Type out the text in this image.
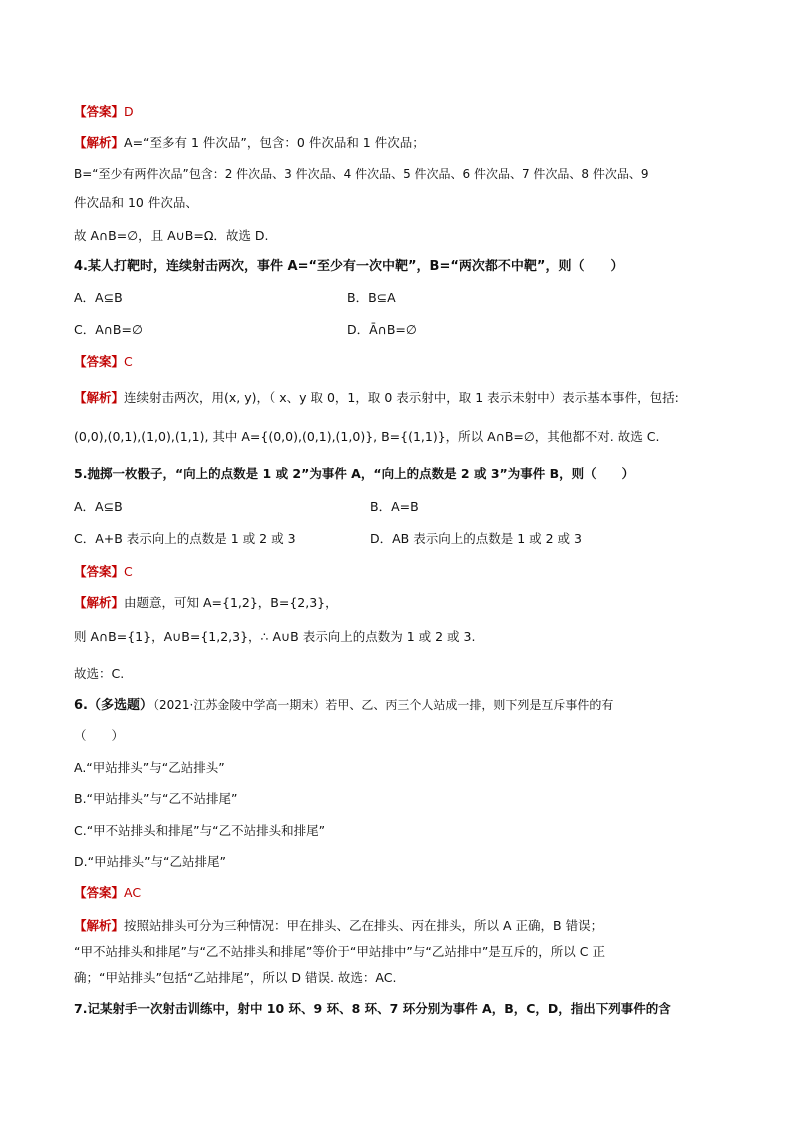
【答案】D
【解析】A=“至多有 1 件次品”，包含：0 件次品和 1 件次品；
B=“至少有两件次品”包含：2 件次品、3 件次品、4 件次品、5 件次品、6 件次品、7 件次品、8 件次品、9
件次品和 10 件次品、
故 A∩B=∅，且 A∪B=Ω．故选 D.
4.某人打靶时，连续射击两次，事件 A=“至少有一次中靶”，B=“两次都不中靶”，则（　　）
A．A⊆B	B．B⊆A
C．A∩B=∅	D．Ā∩B=∅
【答案】C
【解析】连续射击两次，用(x, y)，（ x、y 取 0，1，取 0 表示射中，取 1 表示未射中）表示基本事件，包括:
(0,0),(0,1),(1,0),(1,1), 其中 A={(0,0),(0,1),(1,0)}, B={(1,1)}，所以 A∩B=∅，其他都不对. 故选 C.
5.抛掷一枚骰子，“向上的点数是 1 或 2”为事件 A，“向上的点数是 2 或 3”为事件 B，则（　　）
A．A⊆B	B．A=B
C．A+B 表示向上的点数是 1 或 2 或 3	D．AB 表示向上的点数是 1 或 2 或 3
【答案】C
【解析】由题意，可知 A={1,2}，B={2,3}，
则 A∩B={1}，A∪B={1,2,3}，∴ A∪B 表示向上的点数为 1 或 2 或 3.
故选：C.
6.（多选题）（2021·江苏金陵中学高一期末）若甲、乙、丙三个人站成一排，则下列是互斥事件的有
（　　）
A.“甲站排头”与“乙站排头”
B.“甲站排头”与“乙不站排尾”
C.“甲不站排头和排尾”与“乙不站排头和排尾”
D.“甲站排头”与“乙站排尾”
【答案】AC
【解析】按照站排头可分为三种情况：甲在排头、乙在排头、丙在排头，所以 A 正确，B 错误；
“甲不站排头和排尾”与“乙不站排头和排尾”等价于“甲站排中”与“乙站排中”是互斥的，所以 C 正
确；“甲站排头”包括“乙站排尾”，所以 D 错误. 故选：AC.
7.记某射手一次射击训练中，射中 10 环、9 环、8 环、7 环分别为事件 A，B，C，D，指出下列事件的含
